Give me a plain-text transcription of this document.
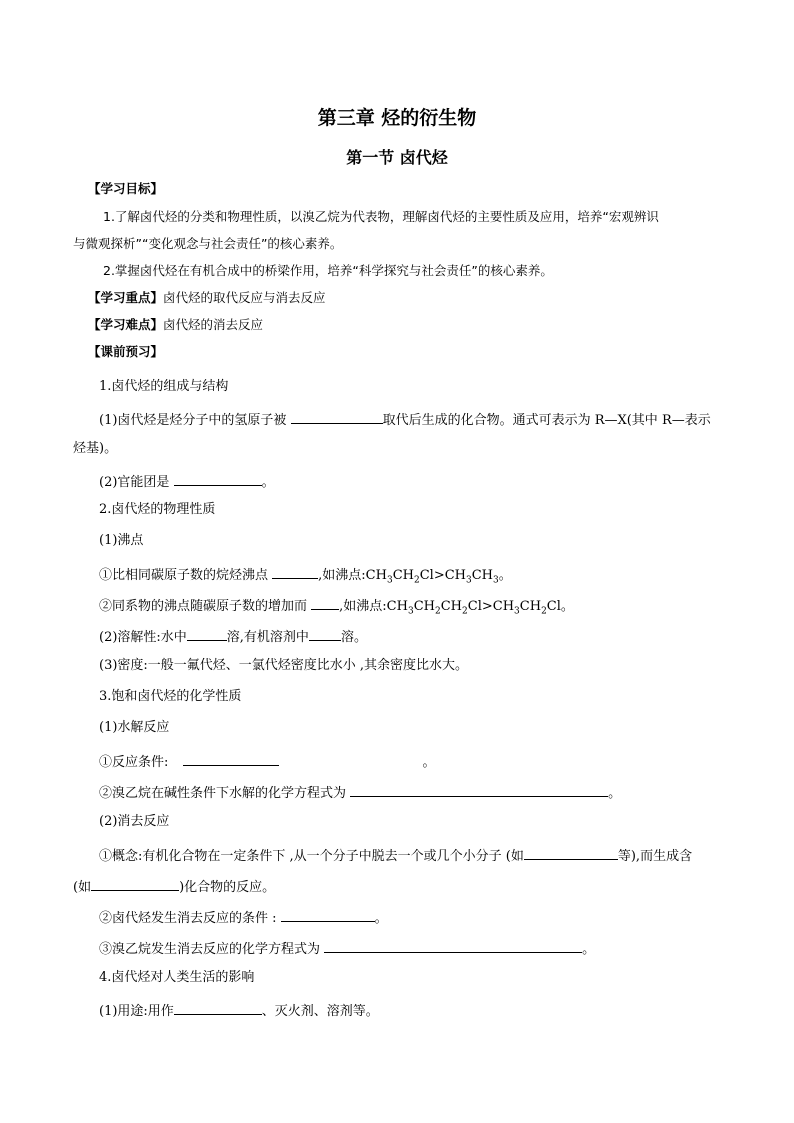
第三章 烃的衍生物
第一节 卤代烃
【学习目标】
1.了解卤代烃的分类和物理性质，以溴乙烷为代表物，理解卤代烃的主要性质及应用，培养“宏观辨识
与微观探析”“变化观念与社会责任”的核心素养。
2.掌握卤代烃在有机合成中的桥梁作用，培养“科学探究与社会责任”的核心素养。
【学习重点】卤代烃的取代反应与消去反应
【学习难点】卤代烃的消去反应
【课前预习】
1.卤代烃的组成与结构
(1)卤代烃是烃分子中的氢原子被	取代后生成的化合物。通式可表示为 R—X(其中 R—表示
烃基)。
(2)官能团是	。
2.卤代烃的物理性质
(1)沸点
①比相同碳原子数的烷烃沸点	,如沸点$:CH_3CH_2Cl>CH_3CH_3$。
②同系物的沸点随碳原子数的增加而 ,如沸点$:CH_3CH_2CH_2Cl>CH_3CH_2Cl$。
(2)溶解性:水中	溶,有机溶剂中 溶。
(3)密度:一般一氟代烃、一氯代烃密度比水小 ,其余密度比水大。
3.饱和卤代烃的化学性质
(1)水解反应
①反应条件:	。
②溴乙烷在碱性条件下水解的化学方程式为	。
(2)消去反应
①概念:有机化合物在一定条件下 ,从一个分子中脱去一个或几个小分子 (如	等),而生成含
(如	)化合物的反应。
②卤代烃发生消去反应的条件 :	。
③溴乙烷发生消去反应的化学方程式为	。
4.卤代烃对人类生活的影响
(1)用途:用作	、灭火剂、溶剂等。
